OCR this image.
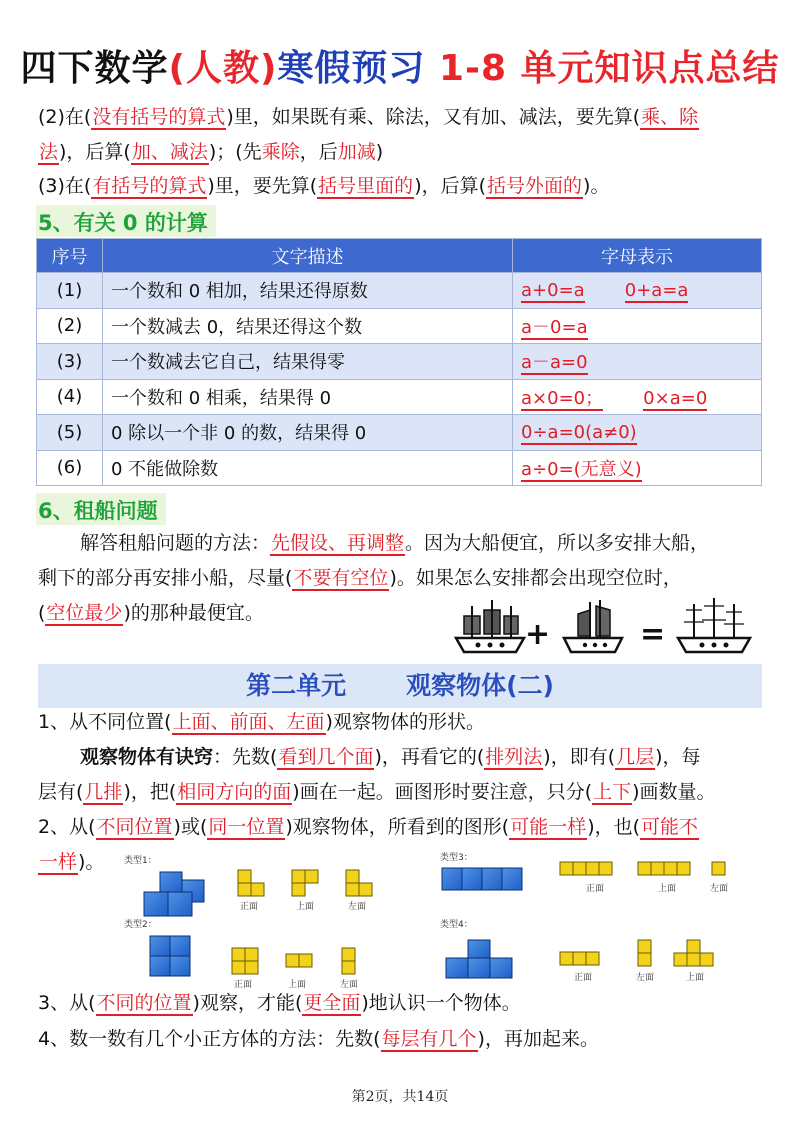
四下数学(人教)寒假预习 1-8 单元知识点总结
(2)在(没有括号的算式)里，如果既有乘、除法，又有加、减法，要先算(乘、除
法)，后算(加、减法)；(先乘除，后加减)
(3)在(有括号的算式)里，要先算(括号里面的)，后算(括号外面的)。
5、有关 0 的计算
序号	文字描述	字母表示
(1)	一个数和 0 相加，结果还得原数	a+0=a 0+a=a
(2)	一个数减去 0，结果还得这个数	a－0=a
(3)	一个数减去它自己，结果得零	a－a=0
(4)	一个数和 0 相乘，结果得 0	a×0=0； 0×a=0
(5)	0 除以一个非 0 的数，结果得 0	0÷a=0(a≠0)
(6)	0 不能做除数	a÷0=(无意义)
6、租船问题
解答租船问题的方法：先假设、再调整。因为大船便宜，所以多安排大船，
剩下的部分再安排小船，尽量(不要有空位)。如果怎么安排都会出现空位时，
(空位最少)的那种最便宜。
+	=
第二单元 观察物体(二)
1、从不同位置(上面、前面、左面)观察物体的形状。
观察物体有诀窍：先数(看到几个面)，再看它的(排列法)，即有(几层)，每
层有(几排)，把(相同方向的面)画在一起。画图形时要注意，只分(上下)画数量。
2、从(不同位置)或(同一位置)观察物体，所看到的图形(可能一样)，也(可能不
一样)。 类型1：
类型2：
类型3：
类型4：
正面	上面	左面
正面	上面	左面
正面	上面	左面
正面	左面	上面
3、从(不同的位置)观察，才能(更全面)地认识一个物体。
4、数一数有几个小正方体的方法：先数(每层有几个)，再加起来。
第2页，共14页
